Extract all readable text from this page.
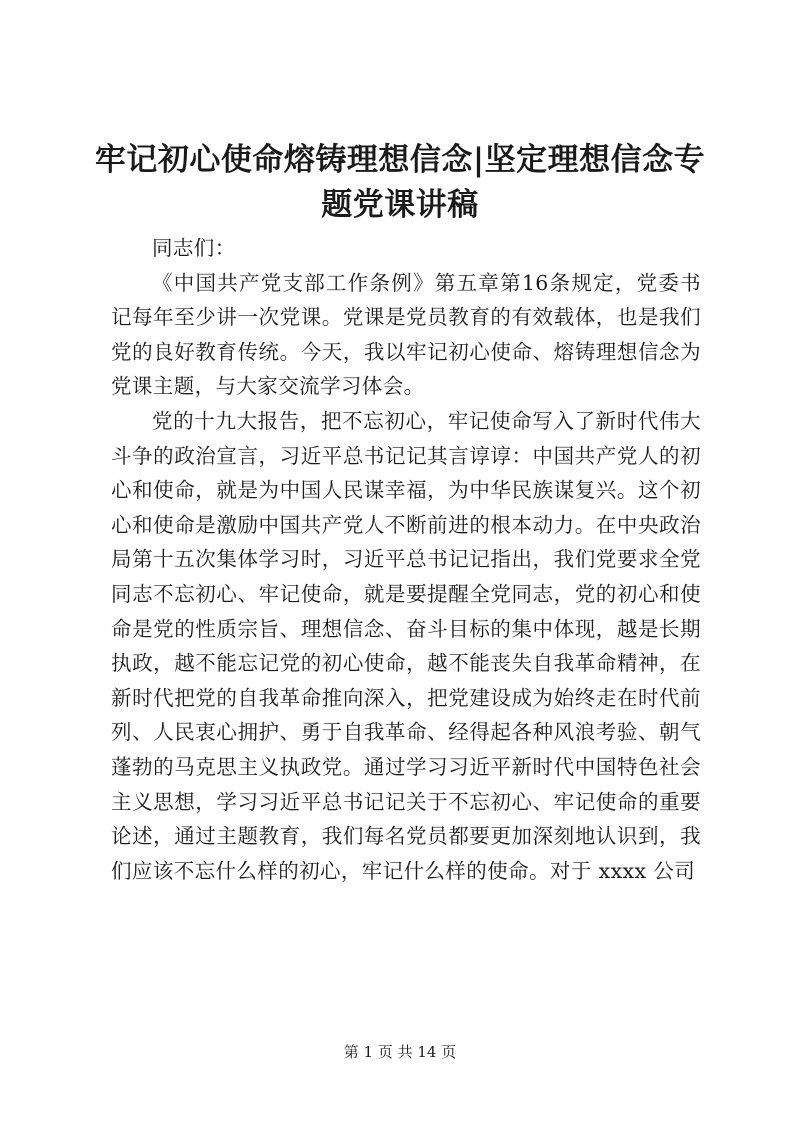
牢记初心使命熔铸理想信念|坚定理想信念专题党课讲稿

同志们：

《中国共产党支部工作条例》第五章第16条规定，党委书记每年至少讲一次党课。党课是党员教育的有效载体，也是我们党的良好教育传统。今天，我以牢记初心使命、熔铸理想信念为党课主题，与大家交流学习体会。

党的十九大报告，把不忘初心，牢记使命写入了新时代伟大斗争的政治宣言，习近平总书记记其言谆谆：中国共产党人的初心和使命，就是为中国人民谋幸福，为中华民族谋复兴。这个初心和使命是激励中国共产党人不断前进的根本动力。在中央政治局第十五次集体学习时，习近平总书记记指出，我们党要求全党同志不忘初心、牢记使命，就是要提醒全党同志，党的初心和使命是党的性质宗旨、理想信念、奋斗目标的集中体现，越是长期执政，越不能忘记党的初心使命，越不能丧失自我革命精神，在新时代把党的自我革命推向深入，把党建设成为始终走在时代前列、人民衷心拥护、勇于自我革命、经得起各种风浪考验、朝气蓬勃的马克思主义执政党。通过学习习近平新时代中国特色社会主义思想，学习习近平总书记记关于不忘初心、牢记使命的重要论述，通过主题教育，我们每名党员都要更加深刻地认识到，我们应该不忘什么样的初心，牢记什么样的使命。对于 xxxx 公司

第 1 页 共 14 页
